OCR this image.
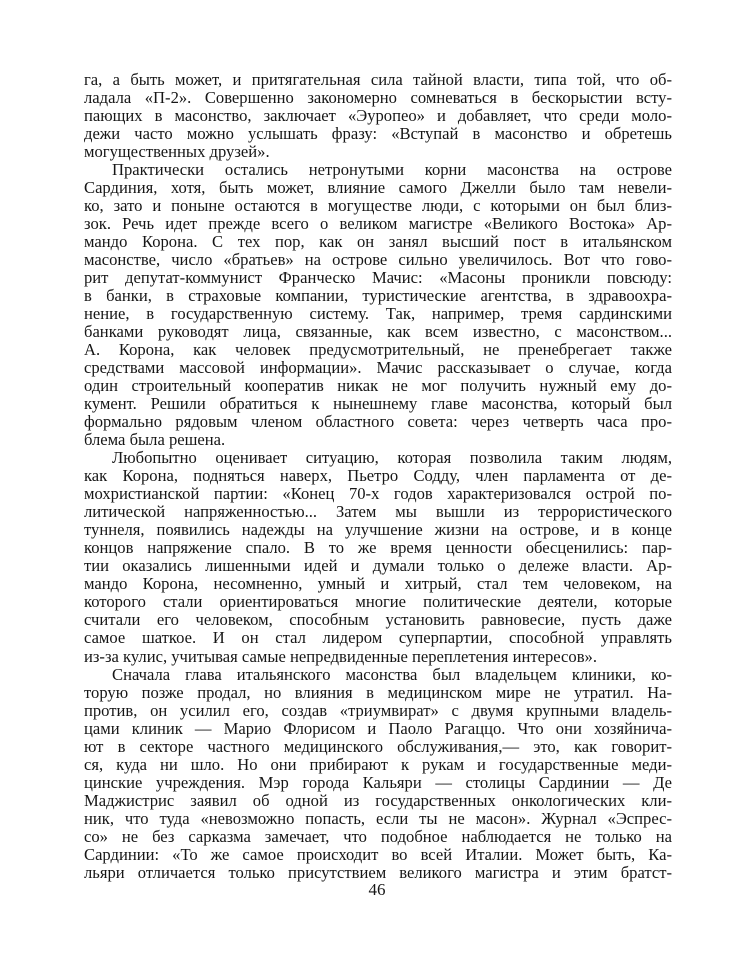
га, а быть может, и притягательная сила тайной власти, типа той, что об-
ладала «П-2». Совершенно закономерно сомневаться в бескорыстии всту-
пающих в масонство, заключает «Эуропео» и добавляет, что среди моло-
дежи часто можно услышать фразу: «Вступай в масонство и обретешь
могущественных друзей».
Практически остались нетронутыми корни масонства на острове
Сардиния, хотя, быть может, влияние самого Джелли было там невели-
ко, зато и поныне остаются в могуществе люди, с которыми он был близ-
зок. Речь идет прежде всего о великом магистре «Великого Востока» Ар-
мандо Корона. С тех пор, как он занял высший пост в итальянском
масонстве, число «братьев» на острове сильно увеличилось. Вот что гово-
рит депутат-коммунист Франческо Мачис: «Масоны проникли повсюду:
в банки, в страховые компании, туристические агентства, в здравоохра-
нение, в государственную систему. Так, например, тремя сардинскими
банками руководят лица, связанные, как всем известно, с масонством...
А. Корона, как человек предусмотрительный, не пренебрегает также
средствами массовой информации». Мачис рассказывает о случае, когда
один строительный кооператив никак не мог получить нужный ему до-
кумент. Решили обратиться к нынешнему главе масонства, который был
формально рядовым членом областного совета: через четверть часа про-
блема была решена.
Любопытно оценивает ситуацию, которая позволила таким людям,
как Корона, подняться наверх, Пьетро Содду, член парламента от де-
мохристианской партии: «Конец 70-х годов характеризовался острой по-
литической напряженностью... Затем мы вышли из террористического
туннеля, появились надежды на улучшение жизни на острове, и в конце
концов напряжение спало. В то же время ценности обесценились: пар-
тии оказались лишенными идей и думали только о дележе власти. Ар-
мандо Корона, несомненно, умный и хитрый, стал тем человеком, на
которого стали ориентироваться многие политические деятели, которые
считали его человеком, способным установить равновесие, пусть даже
самое шаткое. И он стал лидером суперпартии, способной управлять
из-за кулис, учитывая самые непредвиденные переплетения интересов».
Сначала глава итальянского масонства был владельцем клиники, ко-
торую позже продал, но влияния в медицинском мире не утратил. На-
против, он усилил его, создав «триумвират» с двумя крупными владель-
цами клиник — Марио Флорисом и Паоло Рагаццо. Что они хозяйнича-
ют в секторе частного медицинского обслуживания,— это, как говорит-
ся, куда ни шло. Но они прибирают к рукам и государственные меди-
цинские учреждения. Мэр города Кальяри — столицы Сардинии — Де
Маджистрис заявил об одной из государственных онкологических кли-
ник, что туда «невозможно попасть, если ты не масон». Журнал «Эспрес-
со» не без сарказма замечает, что подобное наблюдается не только на
Сардинии: «То же самое происходит во всей Италии. Может быть, Ка-
льяри отличается только присутствием великого магистра и этим братст-
46
